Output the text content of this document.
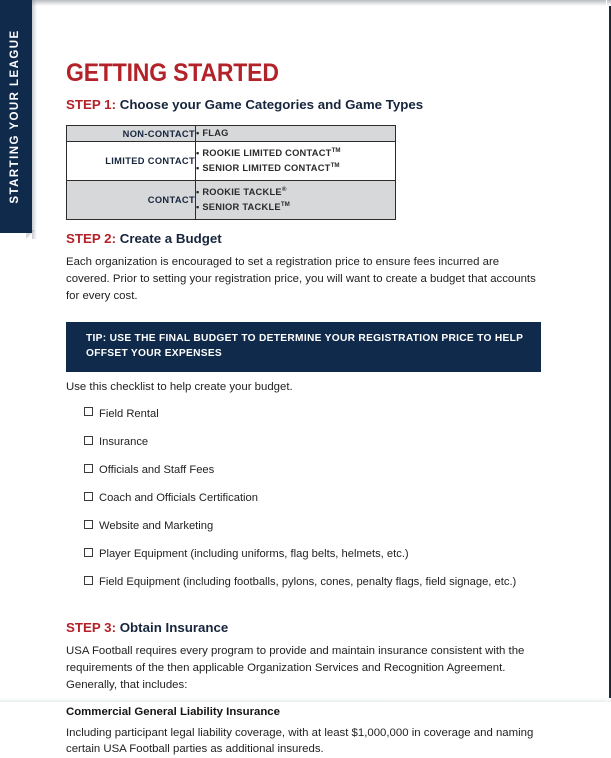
STARTING YOUR LEAGUE	GETTING STARTED
STEP 1: Choose your Game Categories and Game Types
NON-CONTACT	• FLAG

LIMITED CONTACT	• ROOKIE LIMITED CONTACT™
• SENIOR LIMITED CONTACT™

CONTACT	• ROOKIE TACKLE®
• SENIOR TACKLE™
STEP 2: Create a Budget

Each organization is encouraged to set a registration price to ensure fees incurred are covered. Prior to setting your registration price, you will want to create a budget that accounts for every cost.

TIP: USE THE FINAL BUDGET TO DETERMINE YOUR REGISTRATION PRICE TO HELP OFFSET YOUR EXPENSES

Use this checklist to help create your budget.

Field Rental
Insurance
Officials and Staff Fees
Coach and Officials Certification
Website and Marketing
Player Equipment (including uniforms, flag belts, helmets, etc.)
Field Equipment (including footballs, pylons, cones, penalty flags, field signage, etc.)
STEP 3: Obtain Insurance

USA Football requires every program to provide and maintain insurance consistent with the requirements of the then applicable Organization Services and Recognition Agreement. Generally, that includes:

Commercial General Liability Insurance

Including participant legal liability coverage, with at least $1,000,000 in coverage and naming certain USA Football parties as additional insureds.
